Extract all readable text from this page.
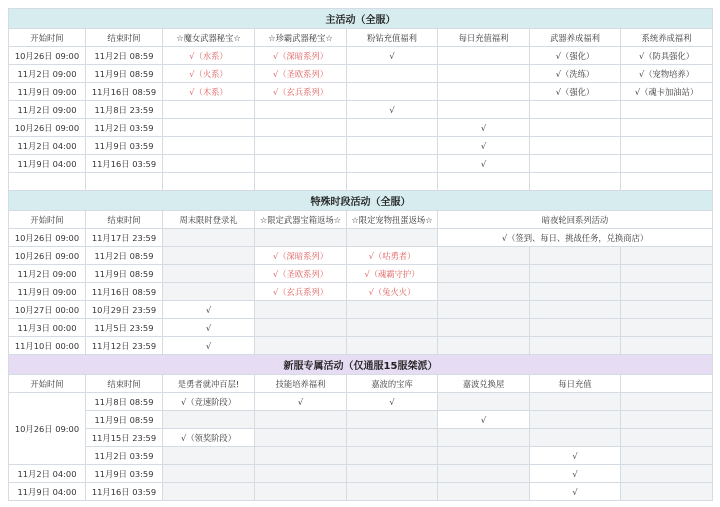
主活动（全服）							
开始时间	结束时间	☆魔女武器秘宝☆	☆珍霸武器秘宝☆	粉钻充值福利	每日充值福利	武器养成福利	系统养成福利
10月26日 09:00	11月2日 08:59	√（水系）	√（深暗系列）	√		√（强化）	√（防具强化）
11月2日 09:00	11月9日 08:59	√（火系）	√（圣欧系列）			√（洗练）	√（宠物培养）
11月9日 09:00	11月16日 08:59	√（木系）	√（玄兵系列）			√（强化）	√（魂卡加油站）
11月2日 09:00	11月8日 23:59			√			
10月26日 09:00	11月2日 03:59				√		
11月2日 04:00	11月9日 03:59				√		
11月9日 04:00	11月16日 03:59				√		

特殊时段活动（全服）							
开始时间	结束时间	周末限时登录礼	☆限定武器宝箱返场☆	☆限定宠物扭蛋返场☆	暗夜轮回系列活动		
10月26日 09:00	11月17日 23:59				√（签到、每日、挑战任务，兑换商店）		
10月26日 09:00	11月2日 08:59		√（深暗系列）	√（咕勇者）			
11月2日 09:00	11月9日 08:59		√（圣欧系列）	√（魂霸守护）			
11月9日 09:00	11月16日 08:59		√（玄兵系列）	√（兔火火）			
10月27日 00:00	10月29日 23:59	√					
11月3日 00:00	11月5日 23:59	√					
11月10日 00:00	11月12日 23:59	√					
新服专属活动（仅通服15服桀派）							
开始时间	结束时间	是勇者就冲百层!	技能培养福利	嘉波的宝库	嘉波兑换屋	每日充值	
10月26日 09:00	11月8日 08:59	√（竞速阶段）	√	√			
	11月9日 08:59				√		
	11月15日 23:59	√（领奖阶段）					
	11月2日 03:59					√	
11月2日 04:00	11月9日 03:59					√	
11月9日 04:00	11月16日 03:59					√	
